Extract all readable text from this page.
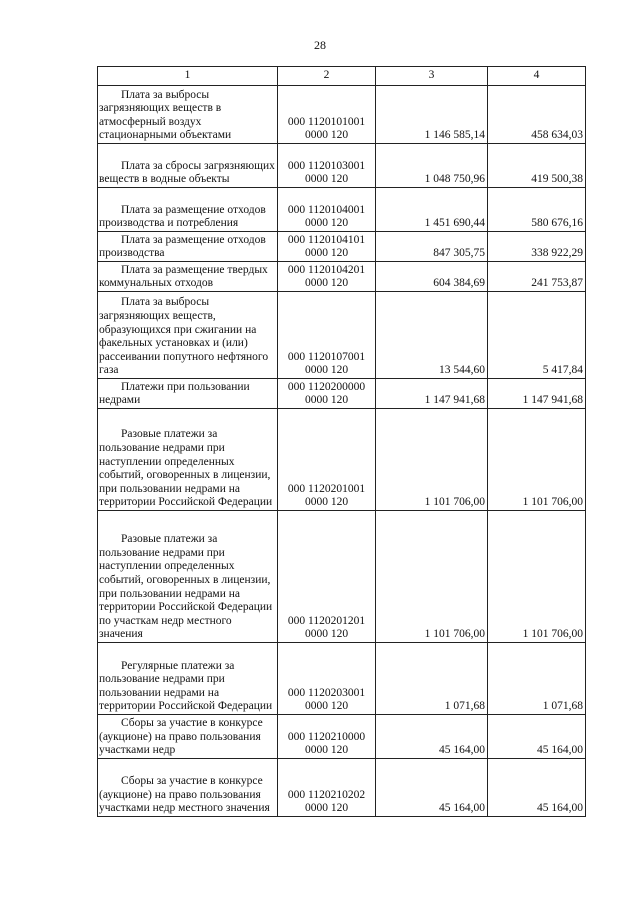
28
1	2	3	4
Плата за выбросы загрязняющих веществ в атмосферный воздух стационарными объектами	000 1120101001 0000 120	1 146 585,14	458 634,03
Плата за сбросы загрязняющих веществ в водные объекты	000 1120103001 0000 120	1 048 750,96	419 500,38
Плата за размещение отходов производства и потребления	000 1120104001 0000 120	1 451 690,44	580 676,16
Плата за размещение отходов производства	000 1120104101 0000 120	847 305,75	338 922,29
Плата за размещение твердых коммунальных отходов	000 1120104201 0000 120	604 384,69	241 753,87
Плата за выбросы загрязняющих веществ, образующихся при сжигании на факельных установках и (или) рассеивании попутного нефтяного газа	000 1120107001 0000 120	13 544,60	5 417,84
Платежи при пользовании недрами	000 1120200000 0000 120	1 147 941,68	1 147 941,68
Разовые платежи за пользование недрами при наступлении определенных событий, оговоренных в лицензии, при пользовании недрами на территории Российской Федерации	000 1120201001 0000 120	1 101 706,00	1 101 706,00
Разовые платежи за пользование недрами при наступлении определенных событий, оговоренных в лицензии, при пользовании недрами на территории Российской Федерации по участкам недр местного значения	000 1120201201 0000 120	1 101 706,00	1 101 706,00
Регулярные платежи за пользование недрами при пользовании недрами на территории Российской Федерации	000 1120203001 0000 120	1 071,68	1 071,68
Сборы за участие в конкурсе (аукционе) на право пользования участками недр	000 1120210000 0000 120	45 164,00	45 164,00
Сборы за участие в конкурсе (аукционе) на право пользования участками недр местного значения	000 1120210202 0000 120	45 164,00	45 164,00
